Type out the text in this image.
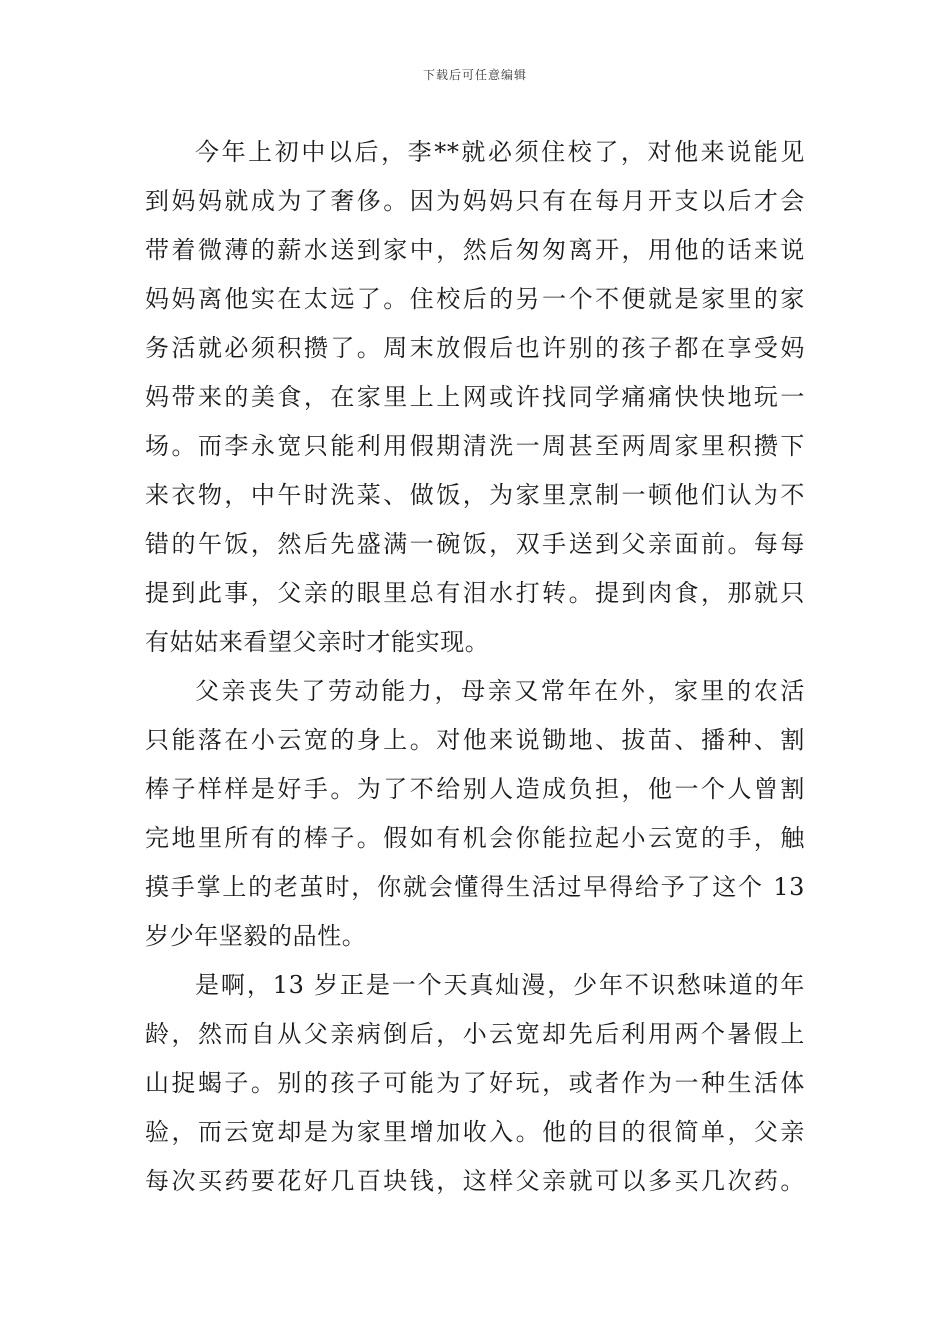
下载后可任意编辑
今年上初中以后，李**就必须住校了，对他来说能见
到妈妈就成为了奢侈。因为妈妈只有在每月开支以后才会
带着微薄的薪水送到家中，然后匆匆离开，用他的话来说
妈妈离他实在太远了。住校后的另一个不便就是家里的家
务活就必须积攒了。周末放假后也许别的孩子都在享受妈
妈带来的美食，在家里上上网或许找同学痛痛快快地玩一
场。而李永宽只能利用假期清洗一周甚至两周家里积攒下
来衣物，中午时洗菜、做饭，为家里烹制一顿他们认为不
错的午饭，然后先盛满一碗饭，双手送到父亲面前。每每
提到此事，父亲的眼里总有泪水打转。提到肉食，那就只
有姑姑来看望父亲时才能实现。
父亲丧失了劳动能力，母亲又常年在外，家里的农活
只能落在小云宽的身上。对他来说锄地、拔苗、播种、割
棒子样样是好手。为了不给别人造成负担，他一个人曾割
完地里所有的棒子。假如有机会你能拉起小云宽的手，触
摸手掌上的老茧时，你就会懂得生活过早得给予了这个 13
岁少年坚毅的品性。
是啊，13 岁正是一个天真灿漫，少年不识愁味道的年
龄，然而自从父亲病倒后，小云宽却先后利用两个暑假上
山捉蝎子。别的孩子可能为了好玩，或者作为一种生活体
验，而云宽却是为家里增加收入。他的目的很简单，父亲
每次买药要花好几百块钱，这样父亲就可以多买几次药。
